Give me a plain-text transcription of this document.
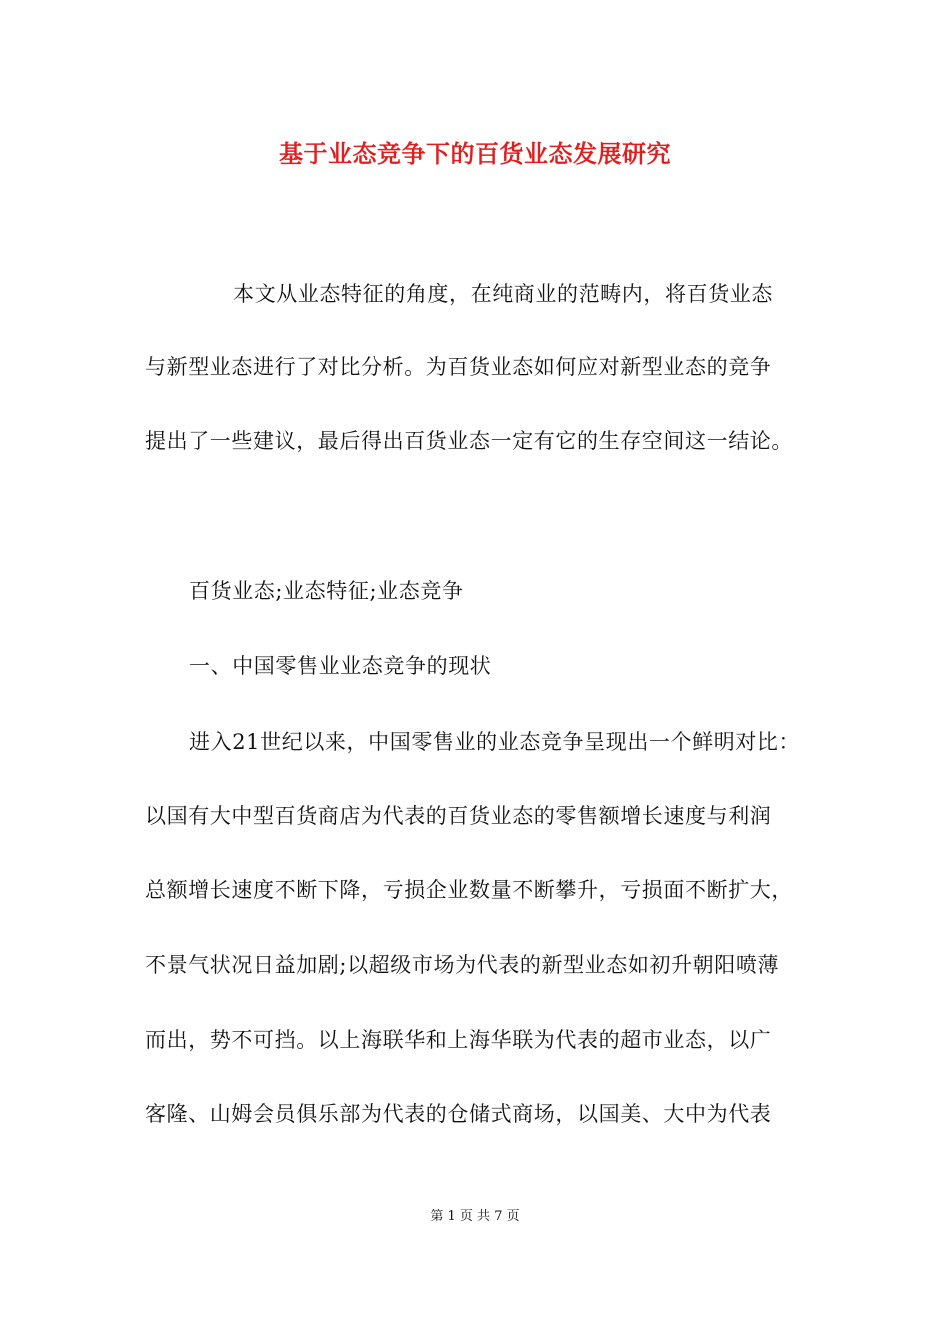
基于业态竞争下的百货业态发展研究
本文从业态特征的角度，在纯商业的范畴内，将百货业态
与新型业态进行了对比分析。为百货业态如何应对新型业态的竞争
提出了一些建议，最后得出百货业态一定有它的生存空间这一结论。
百货业态;业态特征;业态竞争
一、中国零售业业态竞争的现状
进入21世纪以来，中国零售业的业态竞争呈现出一个鲜明对比：
以国有大中型百货商店为代表的百货业态的零售额增长速度与利润
总额增长速度不断下降，亏损企业数量不断攀升，亏损面不断扩大，
不景气状况日益加剧;以超级市场为代表的新型业态如初升朝阳喷薄
而出，势不可挡。以上海联华和上海华联为代表的超市业态，以广
客隆、山姆会员俱乐部为代表的仓储式商场，以国美、大中为代表
第 1 页 共 7 页
